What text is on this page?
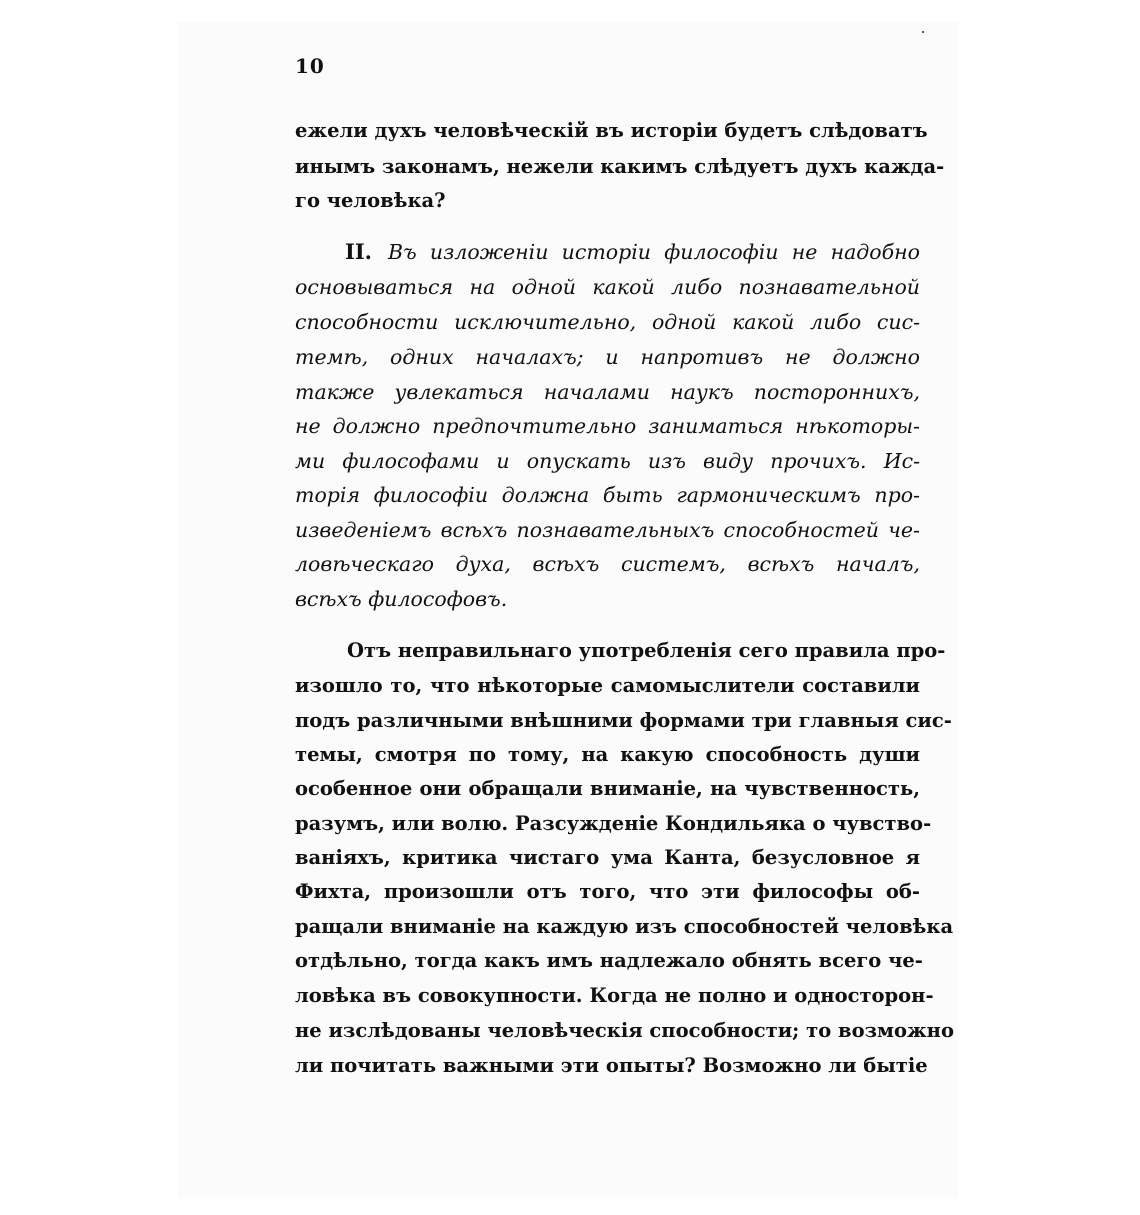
10
ежели духъ человѣческій въ исторіи будетъ слѣдоватъ
инымъ законамъ, нежели какимъ слѣдуетъ духъ кажда-
го человѣка?
II. Въ изложеніи исторіи философіи не надобно
основываться на одной какой либо познавательной
способности исключительно, одной какой либо сис-
темѣ, одних началахъ; и напротивъ не должно
также увлекаться началами наукъ постороннихъ,
не должно предпочтительно заниматься нѣкоторы-
ми философами и опускать изъ виду прочихъ. Ис-
торія философіи должна быть гармоническимъ про-
изведеніемъ всѣхъ познавательныхъ способностей че-
ловѣческаго духа, всѣхъ системъ, всѣхъ началъ,
всѣхъ философовъ.
Отъ неправильнаго употребленія сего правила про-
изошло то, что нѣкоторые самомыслители составили
подъ различными внѣшними формами три главныя сис-
темы, смотря по тому, на какую способность души
особенное они обращали вниманіе, на чувственность,
разумъ, или волю. Разсужденіе Кондильяка о чувство-
ваніяхъ, критика чистаго ума Канта, безусловное я
Фихта, произошли отъ того, что эти философы об-
ращали вниманіе на каждую изъ способностей человѣка
отдѣльно, тогда какъ имъ надлежало обнять всего че-
ловѣка въ совокупности. Когда не полно и односторон-
не изслѣдованы человѣческія способности; то возможно
ли почитать важными эти опыты? Возможно ли бытіе
